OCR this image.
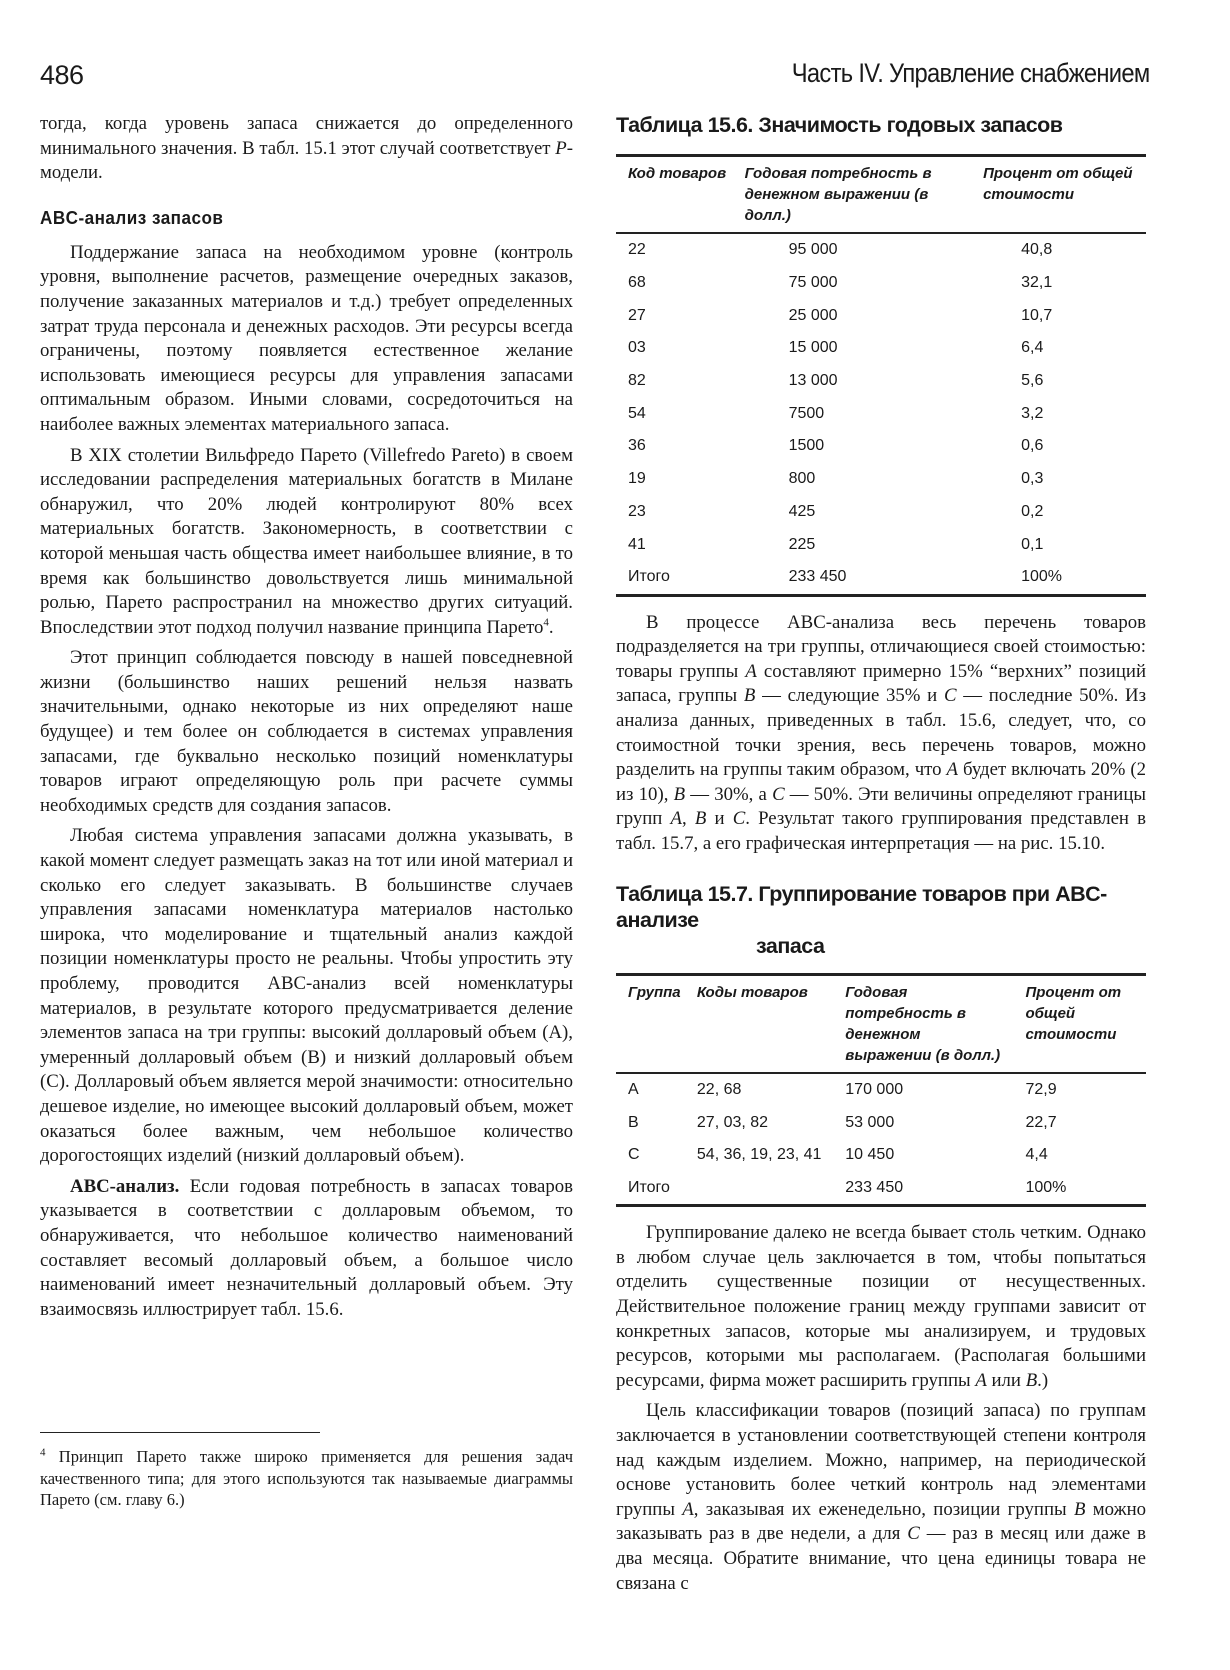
486	Часть IV. Управление снабжением

тогда, когда уровень запаса снижается до определенного минимального значения. В табл. 15.1 этот случай соответствует Р-модели.

ABC-анализ запасов

Поддержание запаса на необходимом уровне (контроль уровня, выполнение расчетов, размещение очередных заказов, получение заказанных материалов и т.д.) требует определенных затрат труда персонала и денежных расходов. Эти ресурсы всегда ограничены, поэтому появляется естественное желание использовать имеющиеся ресурсы для управления запасами оптимальным образом. Иными словами, сосредоточиться на наиболее важных элементах материального запаса.

В XIX столетии Вильфредо Парето (Villefredo Pareto) в своем исследовании распределения материальных богатств в Милане обнаружил, что 20% людей контролируют 80% всех материальных богатств. Закономерность, в соответствии с которой меньшая часть общества имеет наибольшее влияние, в то время как большинство довольствуется лишь минимальной ролью, Парето распространил на множество других ситуаций. Впоследствии этот подход получил название принципа Парето$^4$.

Этот принцип соблюдается повсюду в нашей повседневной жизни (большинство наших решений нельзя назвать значительными, однако некоторые из них определяют наше будущее) и тем более он соблюдается в системах управления запасами, где буквально несколько позиций номенклатуры товаров играют определяющую роль при расчете суммы необходимых средств для создания запасов.

Любая система управления запасами должна указывать, в какой момент следует размещать заказ на тот или иной материал и сколько его следует заказывать. В большинстве случаев управления запасами номенклатура материалов настолько широка, что моделирование и тщательный анализ каждой позиции номенклатуры просто не реальны. Чтобы упростить эту проблему, проводится ABC-анализ всей номенклатуры материалов, в результате которого предусматривается деление элементов запаса на три группы: высокий долларовый объем (А), умеренный долларовый объем (В) и низкий долларовый объем (С). Долларовый объем является мерой значимости: относительно дешевое изделие, но имеющее высокий долларовый объем, может оказаться более важным, чем небольшое количество дорогостоящих изделий (низкий долларовый объем).

ABC-анализ. Если годовая потребность в запасах товаров указывается в соответствии с долларовым объемом, то обнаруживается, что небольшое количество наименований составляет весомый долларовый объем, а большое число наименований имеет незначительный долларовый объем. Эту взаимосвязь иллюстрирует табл. 15.6.

$^4$ Принцип Парето также широко применяется для решения задач качественного типа; для этого используются так называемые диаграммы Парето (см. главу 6.)

Таблица 15.6. Значимость годовых запасов

Код товаров	Годовая потребность в денежном выражении (в долл.)	Процент от общей стоимости
22	95 000	40,8
68	75 000	32,1
27	25 000	10,7
03	15 000	6,4
82	13 000	5,6
54	7500	3,2
36	1500	0,6
19	800	0,3
23	425	0,2
41	225	0,1
Итого	233 450	100%

В процессе ABC-анализа весь перечень товаров подразделяется на три группы, отличающиеся своей стоимостью: товары группы А составляют примерно 15% “верхних” позиций запаса, группы В — следующие 35% и С — последние 50%. Из анализа данных, приведенных в табл. 15.6, следует, что, со стоимостной точки зрения, весь перечень товаров, можно разделить на группы таким образом, что А будет включать 20% (2 из 10), В — 30%, а С — 50%. Эти величины определяют границы групп А, В и С. Результат такого группирования представлен в табл. 15.7, а его графическая интерпретация — на рис. 15.10.

Таблица 15.7. Группирование товаров при ABC-анализе
запаса

Группа	Коды товаров	Годовая потребность в денежном выражении (в долл.)	Процент от общей стоимости
А	22, 68	170 000	72,9
В	27, 03, 82	53 000	22,7
С	54, 36, 19, 23, 41	10 450	4,4
Итого		233 450	100%

Группирование далеко не всегда бывает столь четким. Однако в любом случае цель заключается в том, чтобы попытаться отделить существенные позиции от несущественных. Действительное положение границ между группами зависит от конкретных запасов, которые мы анализируем, и трудовых ресурсов, которыми мы располагаем. (Располагая большими ресурсами, фирма может расширить группы А или В.)

Цель классификации товаров (позиций запаса) по группам заключается в установлении соответствующей степени контроля над каждым изделием. Можно, например, на периодической основе установить более четкий контроль над элементами группы А, заказывая их еженедельно, позиции группы В можно заказывать раз в две недели, а для С — раз в месяц или даже в два месяца. Обратите внимание, что цена единицы товара не связана с
